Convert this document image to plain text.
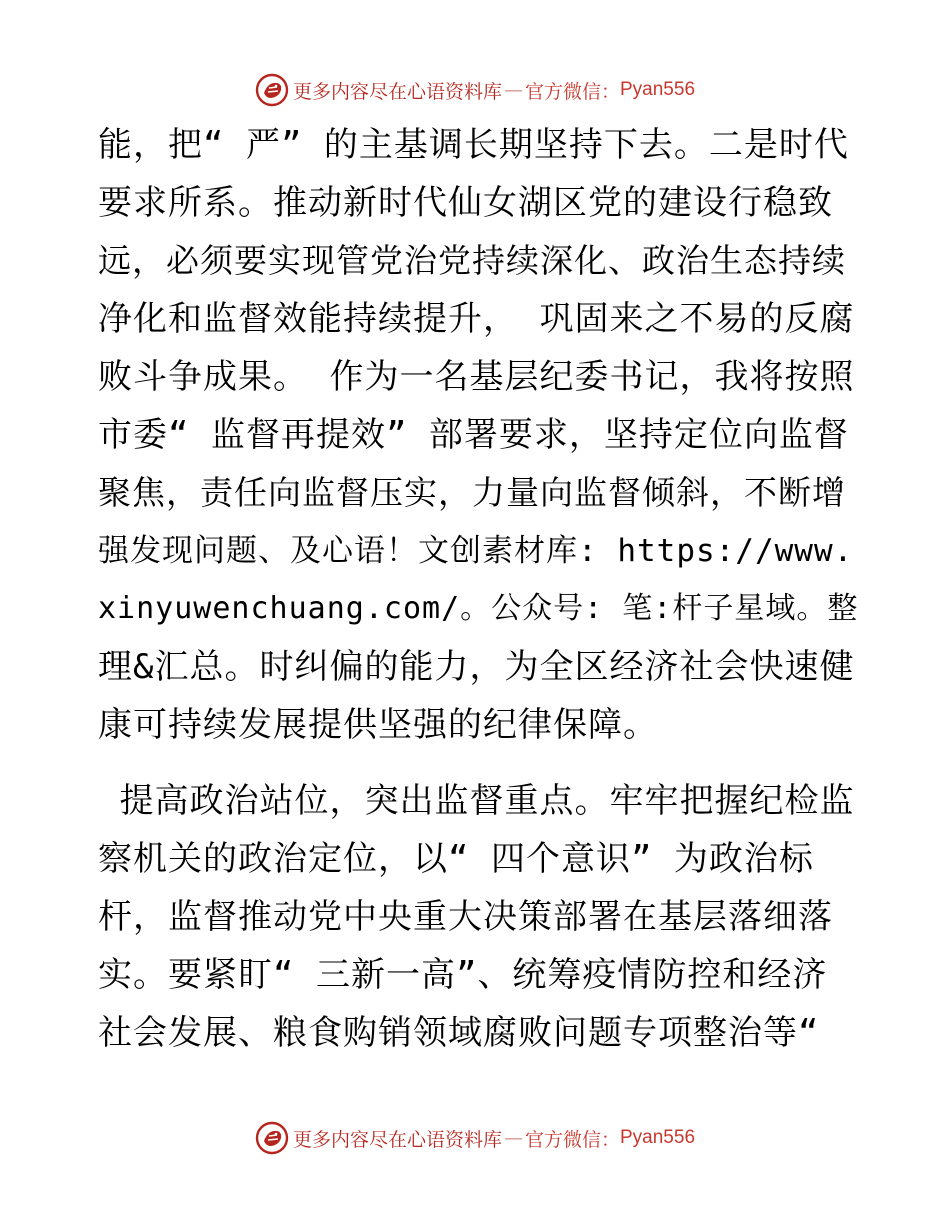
更多内容尽在心语资料库 — 官方微信： Pyan556
能，把“ 严” 的主基调长期坚持下去。二是时代
要求所系。推动新时代仙女湖区党的建设行稳致
远，必须要实现管党治党持续深化、政治生态持续
净化和监督效能持续提升， 巩固来之不易的反腐
败斗争成果。 作为一名基层纪委书记，我将按照
市委“ 监督再提效” 部署要求，坚持定位向监督
聚焦，责任向监督压实，力量向监督倾斜，不断增
强发现问题、及心语！文创素材库: https://www.
xinyuwenchuang.com/。公众号: 笔:杆子星域。整
理&汇总。时纠偏的能力，为全区经济社会快速健
康可持续发展提供坚强的纪律保障。
提高政治站位，突出监督重点。牢牢把握纪检监
察机关的政治定位，以“ 四个意识” 为政治标
杆，监督推动党中央重大决策部署在基层落细落
实。要紧盯“ 三新一高”、统筹疫情防控和经济
社会发展、粮食购销领域腐败问题专项整治等“
更多内容尽在心语资料库 — 官方微信： Pyan556
